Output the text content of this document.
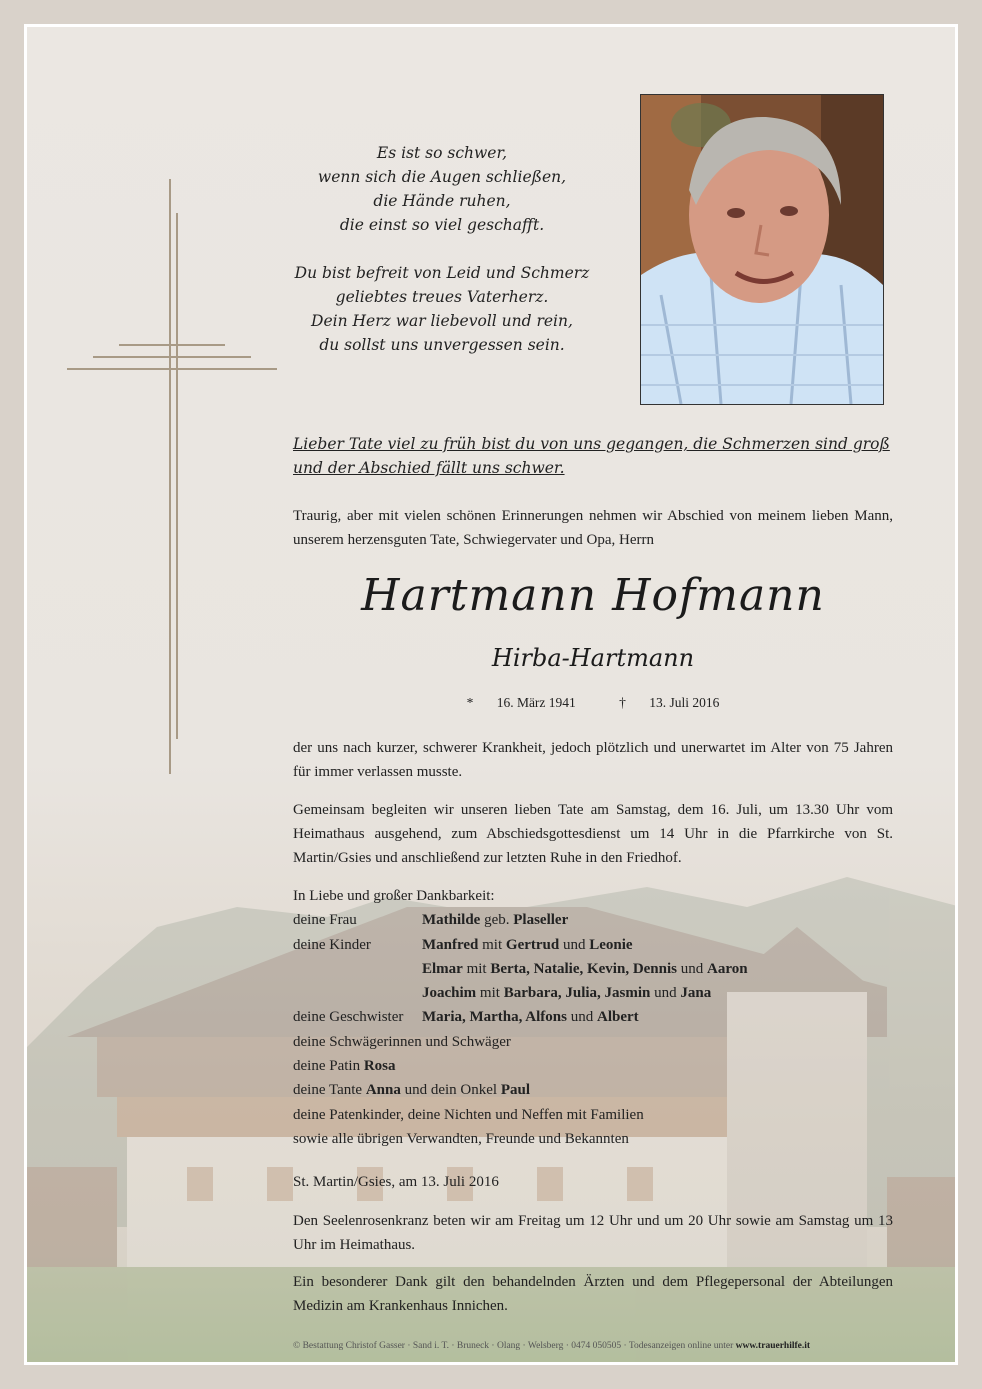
Es ist so schwer,
wenn sich die Augen schließen,
die Hände ruhen,
die einst so viel geschafft.
Du bist befreit von Leid und Schmerz
geliebtes treues Vaterherz.
Dein Herz war liebevoll und rein,
du sollst uns unvergessen sein.
Lieber Tate viel zu früh bist du von uns gegangen, die Schmerzen sind groß und der Abschied fällt uns schwer.
Traurig, aber mit vielen schönen Erinnerungen nehmen wir Abschied von meinem lieben Mann, unserem herzensguten Tate, Schwiegervater und Opa, Herrn
Hartmann Hofmann
Hirba-Hartmann
* 16. März 1941	† 13. Juli 2016
der uns nach kurzer, schwerer Krankheit, jedoch plötzlich und unerwartet im Alter von 75 Jahren für immer verlassen musste.
Gemeinsam begleiten wir unseren lieben Tate am Samstag, dem 16. Juli, um 13.30 Uhr vom Heimathaus ausgehend, zum Abschiedsgottesdienst um 14 Uhr in die Pfarrkirche von St. Martin/Gsies und anschließend zur letzten Ruhe in den Friedhof.
In Liebe und großer Dankbarkeit:
deine Frau	Mathilde geb. Plaseller
deine Kinder	Manfred mit Gertrud und Leonie
Elmar mit Berta, Natalie, Kevin, Dennis und Aaron
Joachim mit Barbara, Julia, Jasmin und Jana
deine Geschwister Maria, Martha, Alfons und Albert
deine Schwägerinnen und Schwäger
deine Patin Rosa
deine Tante Anna und dein Onkel Paul
deine Patenkinder, deine Nichten und Neffen mit Familien
sowie alle übrigen Verwandten, Freunde und Bekannten
St. Martin/Gsies, am 13. Juli 2016
Den Seelenrosenkranz beten wir am Freitag um 12 Uhr und um 20 Uhr sowie am Samstag um 13 Uhr im Heimathaus.
Ein besonderer Dank gilt den behandelnden Ärzten und dem Pflegepersonal der Abteilungen Medizin am Krankenhaus Innichen.
© Bestattung Christof Gasser · Sand i. T. · Bruneck · Olang · Welsberg · 0474 050505 · Todesanzeigen online unter www.trauerhilfe.it
